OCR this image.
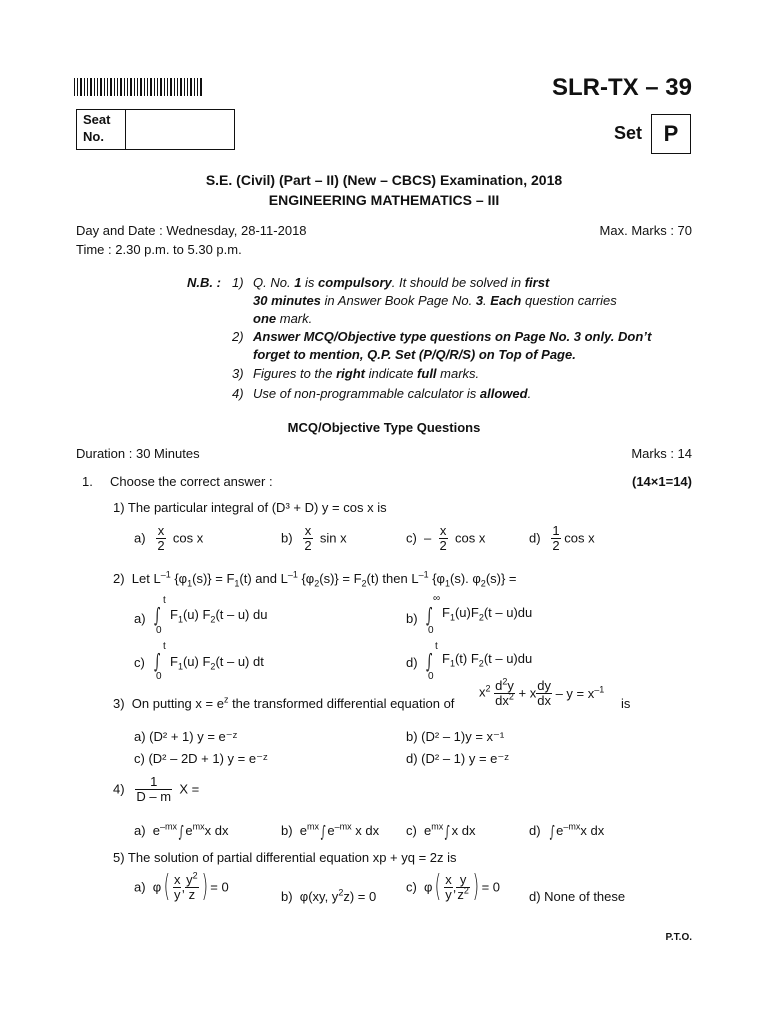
SLR-TX – 39
Seat
No.	Set P
S.E. (Civil) (Part – II) (New – CBCS) Examination, 2018
ENGINEERING MATHEMATICS – III
Day and Date : Wednesday, 28-11-2018	Max. Marks : 70
Time : 2.30 p.m. to 5.30 p.m.
N.B. : 1) Q. No. 1 is compulsory. It should be solved in first
30 minutes in Answer Book Page No. 3. Each question carries
one mark.
2) Answer MCQ/Objective type questions on Page No. 3 only. Don’t
forget to mention, Q.P. Set (P/Q/R/S) on Top of Page.
3) Figures to the right indicate full marks.
4) Use of non-programmable calculator is allowed.
MCQ/Objective Type Questions
Duration : 30 Minutes	Marks : 14
1. Choose the correct answer :	(14×1=14)
1) The particular integral of (D³ + D) y = cos x is
$a) \frac{x}{2}$ cos x	$b) \frac{x}{2}$ sin x	$c) - \frac{x}{2}$ cos x	$d) \frac{1}{2}$ cos x
2)  Let $L^{-1}$ $\{\varphi_1(s)\} = F_1(t)$ and $L^{-1}$ $\{\varphi_2(s)\} = F_2(t)$ then $L^{-1}$ {$\varphi_1(s)$. $\varphi_2(s)$} =
a) ∫
t
0
$F_1(u)$ $F_2(t - u)$ du	b) ∫
∞
0
$F_1(u)F_2(t - u)du$
c) ∫
t
0
$F_1(u)$ $F_2(t - u)$ dt	d) ∫
t
0
$F_1(t)$ $F_2(t - u)du$
3) On putting $x = e^z$ the transformed differential equation of
$x^2 \frac{d^2y}{dx^2} + x \frac{dy}{dx} - y = x^{-1}$
is
a) (D² + 1) y = e⁻ᶻ	b) (D² – 1)y = x⁻¹
c) (D² – 2D + 1) y = e⁻ᶻ	d) (D² – 1) y = e⁻ᶻ
$4) \frac{1}{D - m}$ X =
a)  $e^{-mx}$ ∫ $e^{mx}x$ dx	b)  $e^{mx}$ ∫ $e^{-mx}$ x dx c)  $e^{mx}$ ∫ x dx	d)  ∫ $e^{-mx}x$ dx
5) The solution of partial differential equation xp + yq = 2z is
a)  $\varphi( \frac{x}{y}$ , $\frac{y^2}{z}$ ) = 0
b)  φ(xy, $y^2z) = 0$
c)  $\varphi( \frac{x}{y}$ , $\frac{y}{z^2}$ ) = 0
d) None of these
P.T.O.
